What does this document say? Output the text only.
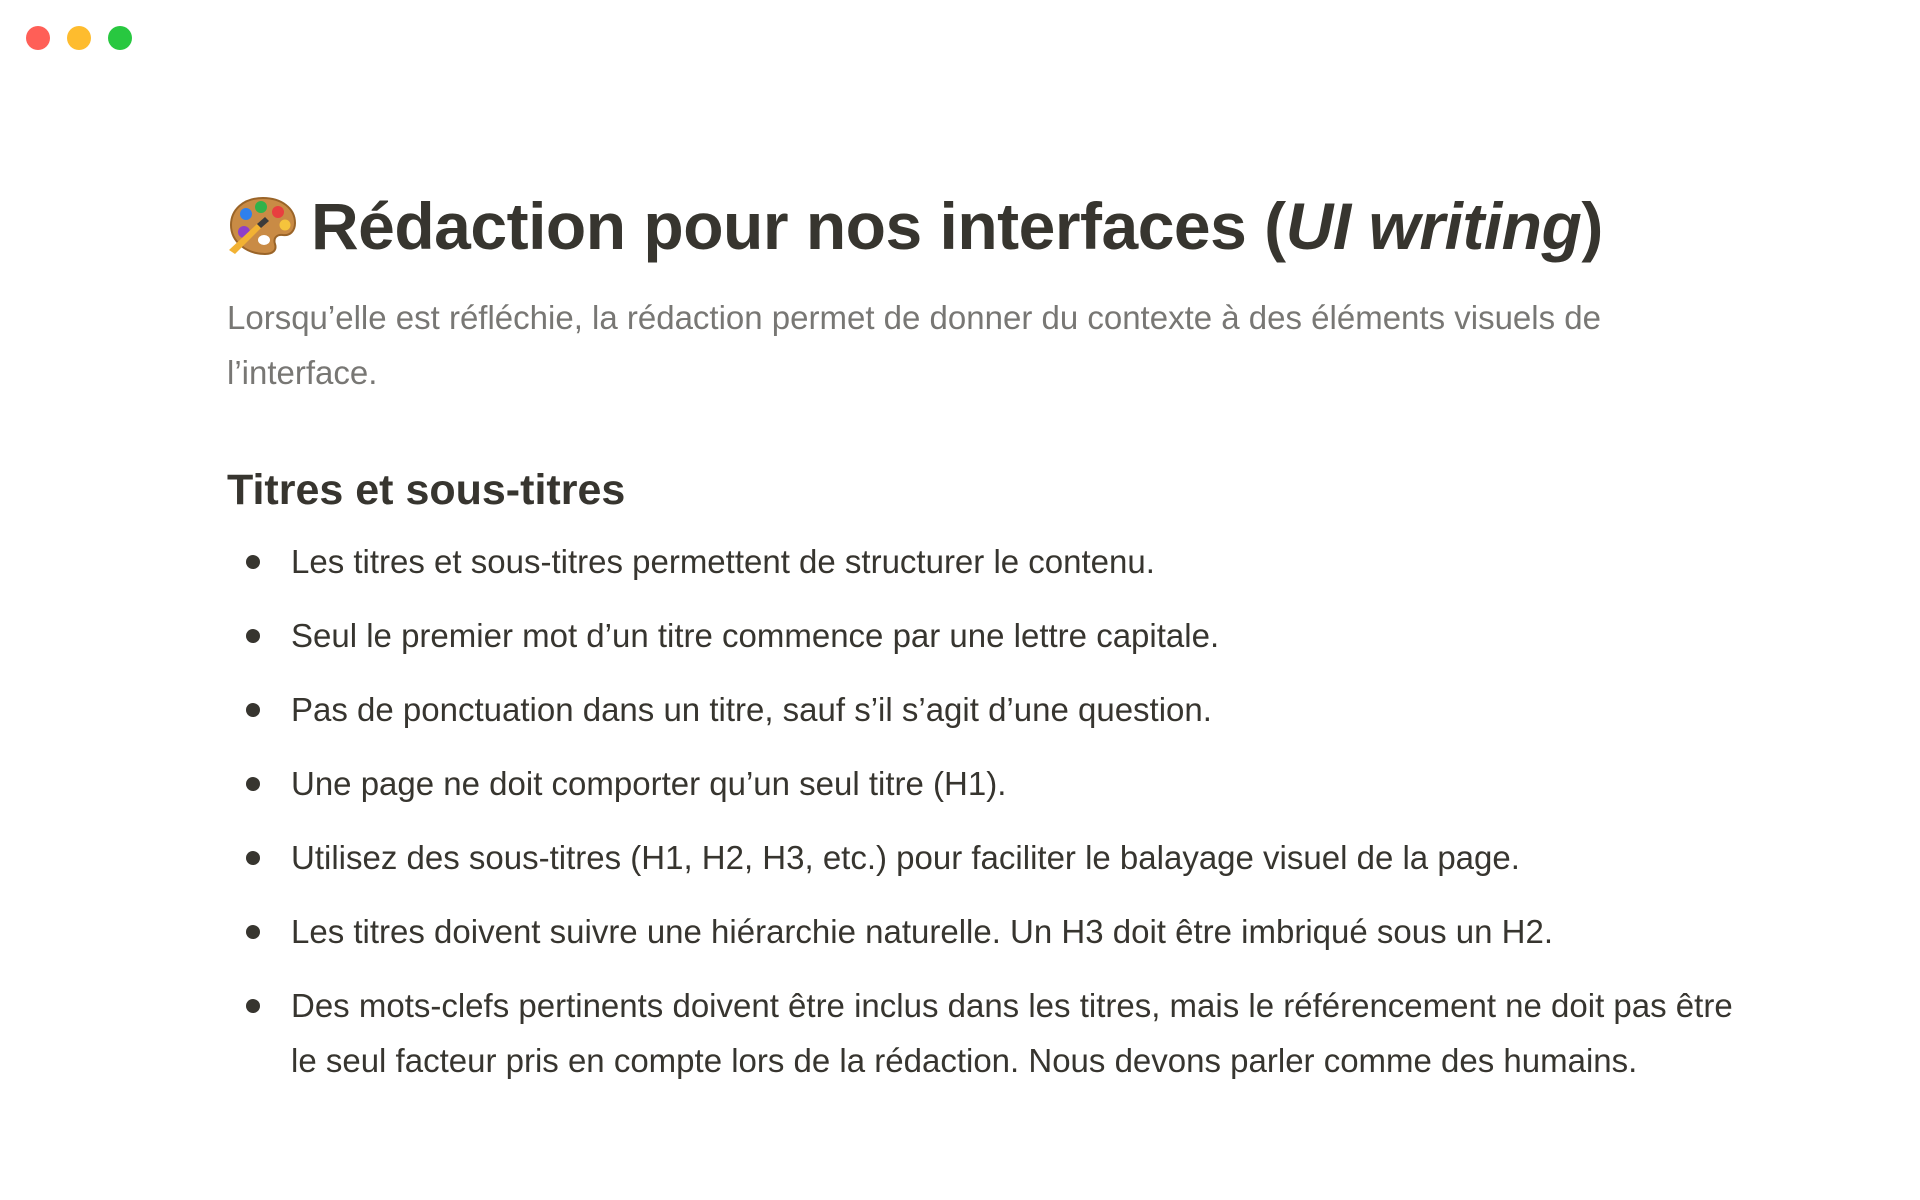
Rédaction pour nos interfaces (UI writing)

Lorsqu’elle est réfléchie, la rédaction permet de donner du contexte à des éléments visuels de l’interface.

Titres et sous-titres
Les titres et sous-titres permettent de structurer le contenu.
Seul le premier mot d’un titre commence par une lettre capitale.
Pas de ponctuation dans un titre, sauf s’il s’agit d’une question.
Une page ne doit comporter qu’un seul titre (H1).
Utilisez des sous-titres (H1, H2, H3, etc.) pour faciliter le balayage visuel de la page.
Les titres doivent suivre une hiérarchie naturelle. Un H3 doit être imbriqué sous un H2.
Des mots-clefs pertinents doivent être inclus dans les titres, mais le référencement ne doit pas être le seul facteur pris en compte lors de la rédaction. Nous devons parler comme des humains.
